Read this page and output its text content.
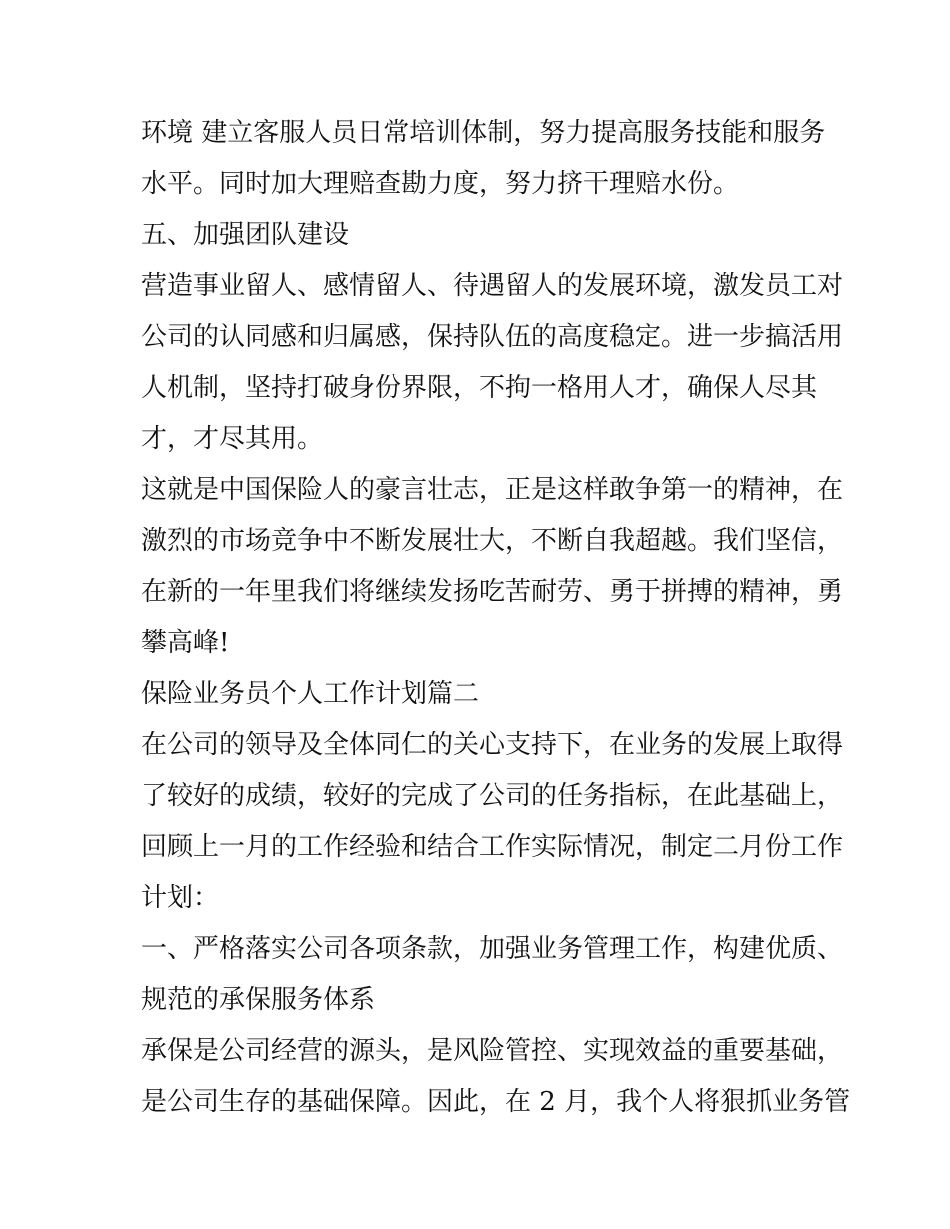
环境 建立客服人员日常培训体制，努力提高服务技能和服务
水平。同时加大理赔查勘力度，努力挤干理赔水份。
五、加强团队建设
营造事业留人、感情留人、待遇留人的发展环境，激发员工对
公司的认同感和归属感，保持队伍的高度稳定。进一步搞活用
人机制，坚持打破身份界限，不拘一格用人才，确保人尽其
才，才尽其用。
这就是中国保险人的豪言壮志，正是这样敢争第一的精神，在
激烈的市场竞争中不断发展壮大，不断自我超越。我们坚信，
在新的一年里我们将继续发扬吃苦耐劳、勇于拼搏的精神，勇
攀高峰!
保险业务员个人工作计划篇二
在公司的领导及全体同仁的关心支持下，在业务的发展上取得
了较好的成绩，较好的完成了公司的任务指标，在此基础上，
回顾上一月的工作经验和结合工作实际情况，制定二月份工作
计划：
一、严格落实公司各项条款，加强业务管理工作，构建优质、
规范的承保服务体系
承保是公司经营的源头，是风险管控、实现效益的重要基础，
是公司生存的基础保障。因此，在 2 月，我个人将狠抓业务管
